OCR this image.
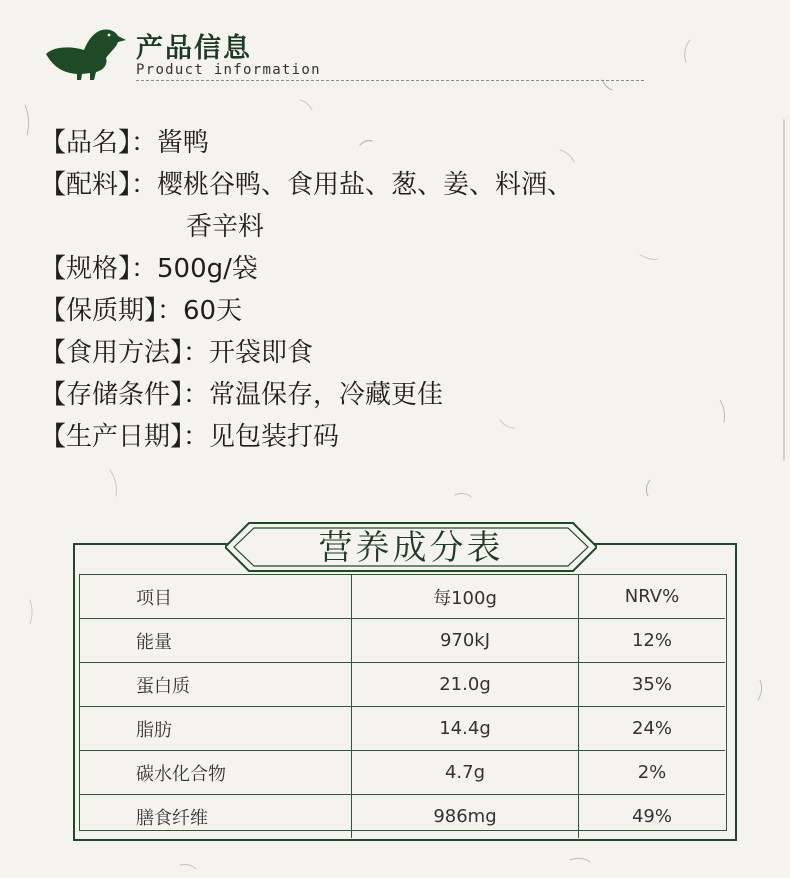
产品信息
Product information
【品名】： 酱鸭
【配料】： 樱桃谷鸭、食用盐、葱、姜、料酒、
香辛料
【规格】： 500g/袋
【保质期】： 60天
【食用方法】： 开袋即食
【存储条件】： 常温保存，冷藏更佳
【生产日期】： 见包装打码
营养成分表
项目	每100g	NRV%
能量	970kJ	12%
蛋白质	21.0g	35%
脂肪	14.4g	24%
碳水化合物	4.7g	2%
膳食纤维	986mg	49%
